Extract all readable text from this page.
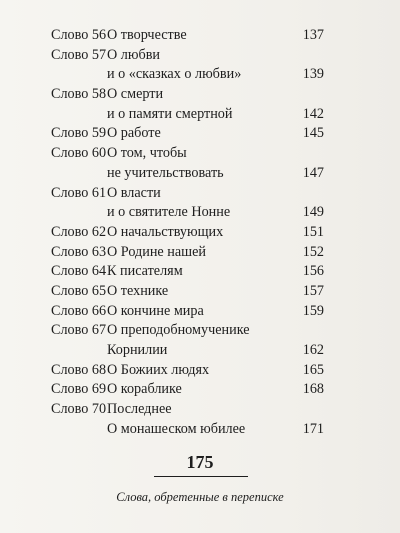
Слово 56 О творчестве	137
Слово 57 О любви
и о «сказках о любви»	139
Слово 58 О смерти
и о памяти смертной	142
Слово 59 О работе	145
Слово 60 О том, чтобы
не учительствовать	147
Слово 61 О власти
и о святителе Нонне	149
Слово 62 О начальствующих	151
Слово 63 О Родине нашей	152
Слово 64 К писателям	156
Слово 65 О технике	157
Слово 66 О кончине мира	159
Слово 67 О преподобномученике
Корнилии	162
Слово 68 О Божиих людях	165
Слово 69 О кораблике	168
Слово 70 Последнее
О монашеском юбилее	171
175
Слова, обретенные в переписке
